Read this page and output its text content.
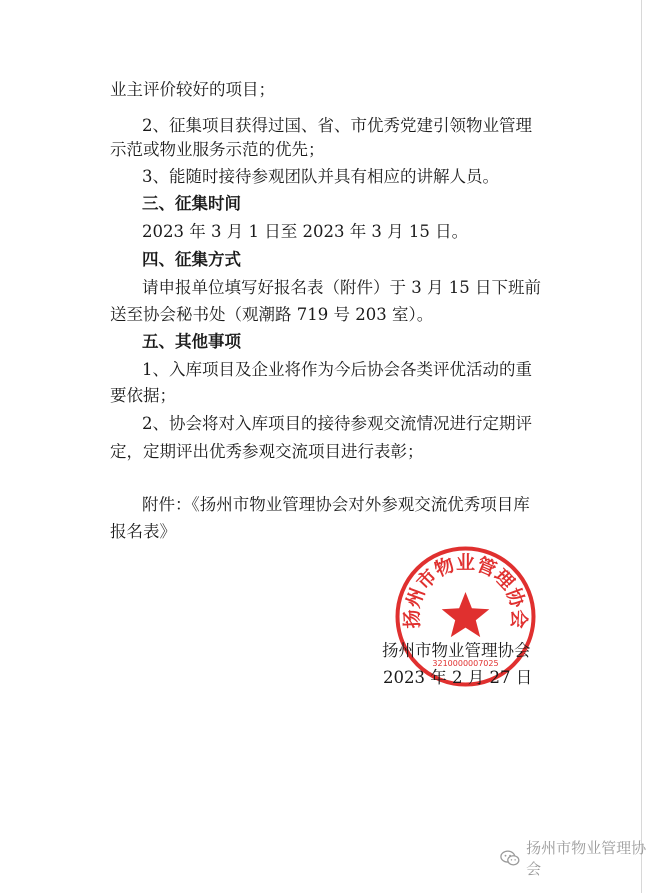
业主评价较好的项目；
2、征集项目获得过国、省、市优秀党建引领物业管理
示范或物业服务示范的优先；
3、能随时接待参观团队并具有相应的讲解人员。
三、征集时间
2023 年 3 月 1 日至 2023 年 3 月 15 日。
四、征集方式
请申报单位填写好报名表（附件）于 3 月 15 日下班前
送至协会秘书处（观潮路 719 号 203 室）。
五、其他事项
1、入库项目及企业将作为今后协会各类评优活动的重
要依据；
2、协会将对入库项目的接待参观交流情况进行定期评
定，定期评出优秀参观交流项目进行表彰；
附件：《扬州市物业管理协会对外参观交流优秀项目库
报名表》
扬州市物业管理协会
3210000007025
扬州市物业管理协会
2023 年 2 月 27 日
扬州市物业管理协会
